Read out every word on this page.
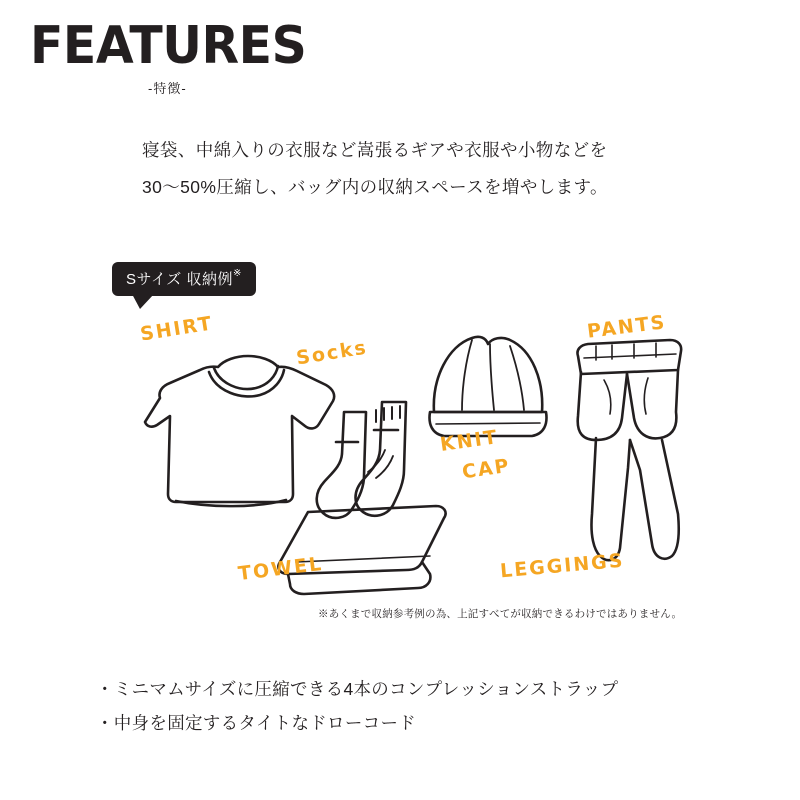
FEATURES
-特徴-
寝袋、中綿入りの衣服など嵩張るギアや衣服や小物などを
30〜50%圧縮し、バッグ内の収納スペースを増やします。
Sサイズ 収納例※
SHIRT
Socks
KNIT
CAP
PANTS
TOWEL	LEGGINGS
※あくまで収納参考例の為、上記すべてが収納できるわけではありません。
・ミニマムサイズに圧縮できる4本のコンプレッションストラップ
・中身を固定するタイトなドローコード
